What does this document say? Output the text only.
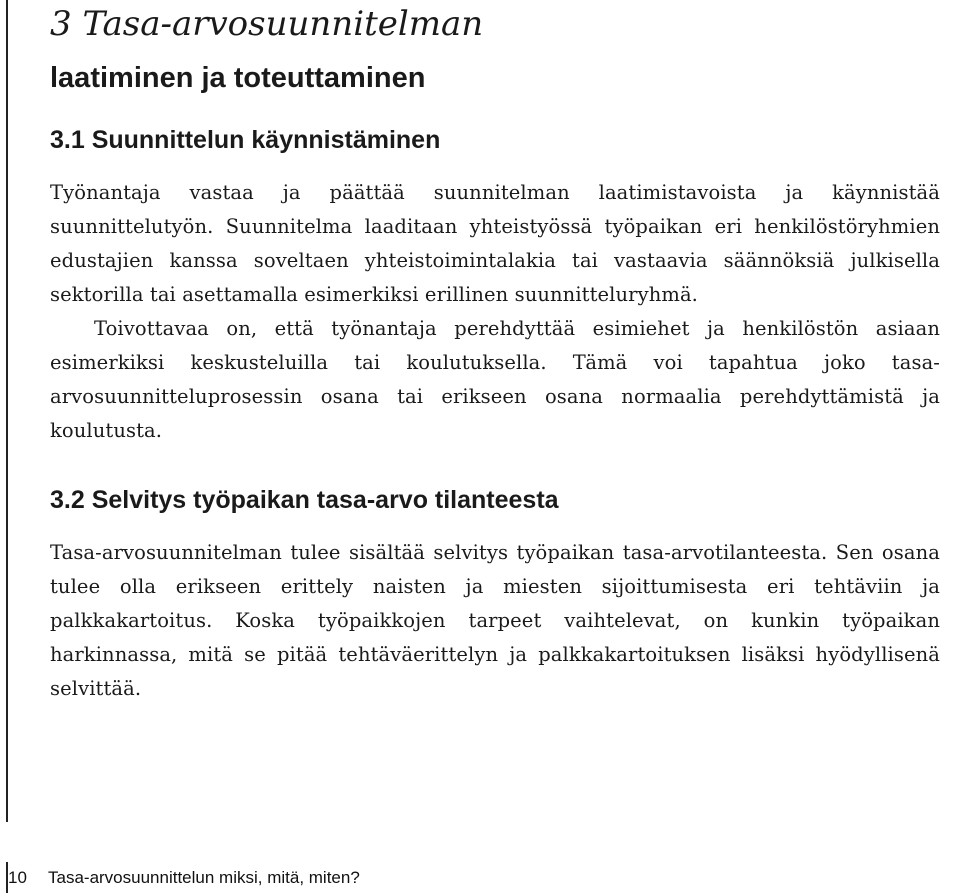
3 Tasa-arvosuunnitelman
laatiminen ja toteuttaminen
3.1 Suunnittelun käynnistäminen

Työnantaja vastaa ja päättää suunnitelman laatimistavoista ja käynnistää suunnittelutyön. Suunnitelma laaditaan yhteistyössä työpaikan eri henkilöstöryhmien edustajien kanssa soveltaen yhteistoimintalakia tai vastaavia säännöksiä julkisella sektorilla tai asettamalla esimerkiksi erillinen suunnitteluryhmä.

Toivottavaa on, että työnantaja perehdyttää esimiehet ja henkilöstön asiaan esimerkiksi keskusteluilla tai koulutuksella. Tämä voi tapahtua joko tasa-arvosuunnitteluprosessin osana tai erikseen osana normaalia perehdyttämistä ja koulutusta.

3.2 Selvitys työpaikan tasa-arvo tilanteesta

Tasa-arvosuunnitelman tulee sisältää selvitys työpaikan tasa-arvotilanteesta. Sen osana tulee olla erikseen erittely naisten ja miesten sijoittumisesta eri tehtäviin ja palkkakartoitus. Koska työpaikkojen tarpeet vaihtelevat, on kunkin työpaikan harkinnassa, mitä se pitää tehtäväerittelyn ja palkkakartoituksen lisäksi hyödyllisenä selvittää.

10 Tasa-arvosuunnittelun miksi, mitä, miten?
